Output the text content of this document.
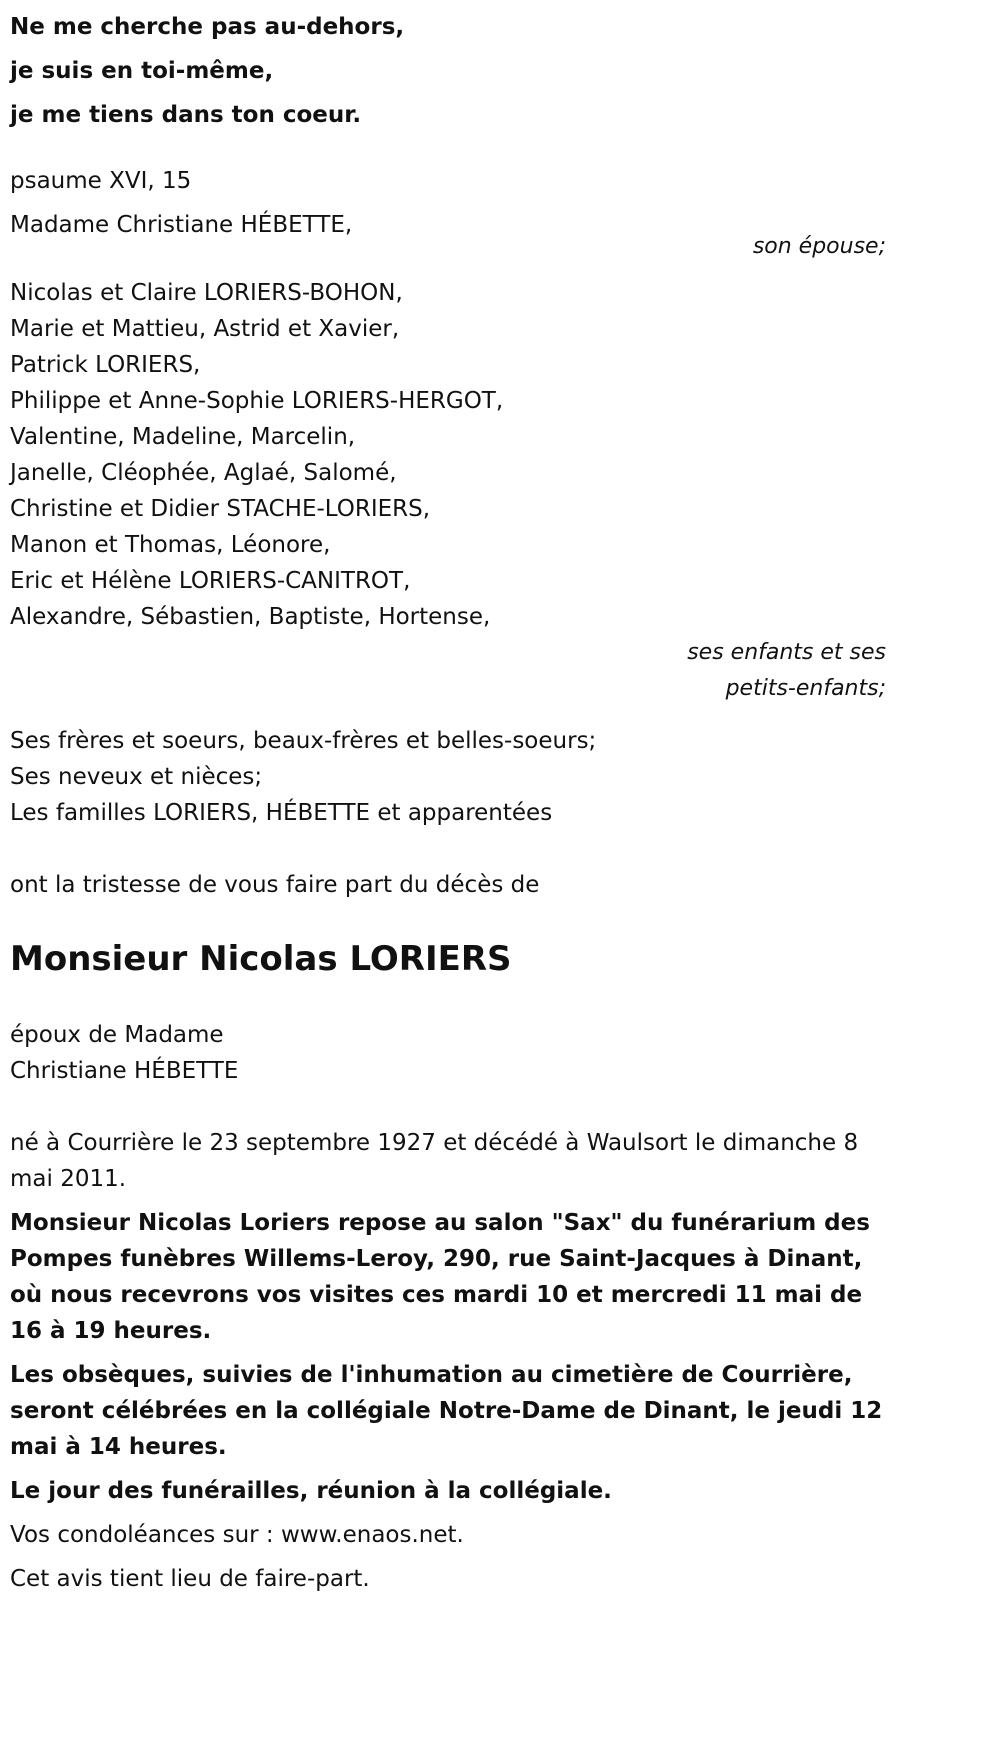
Ne me cherche pas au-dehors,

je suis en toi-même,

je me tiens dans ton coeur.

psaume XVI, 15

Madame Christiane HÉBETTE,

son épouse;

Nicolas et Claire LORIERS-BOHON,

Marie et Mattieu, Astrid et Xavier,

Patrick LORIERS,

Philippe et Anne-Sophie LORIERS-HERGOT,

Valentine, Madeline, Marcelin,

Janelle, Cléophée, Aglaé, Salomé,

Christine et Didier STACHE-LORIERS,

Manon et Thomas, Léonore,

Eric et Hélène LORIERS-CANITROT,

Alexandre, Sébastien, Baptiste, Hortense,

ses enfants et ses

petits-enfants;

Ses frères et soeurs, beaux-frères et belles-soeurs;

Ses neveux et nièces;

Les familles LORIERS, HÉBETTE et apparentées

ont la tristesse de vous faire part du décès de

Monsieur Nicolas LORIERS

époux de Madame

Christiane HÉBETTE

né à Courrière le 23 septembre 1927 et décédé à Waulsort le dimanche 8 mai 2011.

Monsieur Nicolas Loriers repose au salon "Sax" du funérarium des Pompes funèbres Willems-Leroy, 290, rue Saint-Jacques à Dinant, où nous recevrons vos visites ces mardi 10 et mercredi 11 mai de 16 à 19 heures.

Les obsèques, suivies de l'inhumation au cimetière de Courrière, seront célébrées en la collégiale Notre-Dame de Dinant, le jeudi 12 mai à 14 heures.

Le jour des funérailles, réunion à la collégiale.

Vos condoléances sur : www.enaos.net.

Cet avis tient lieu de faire-part.
